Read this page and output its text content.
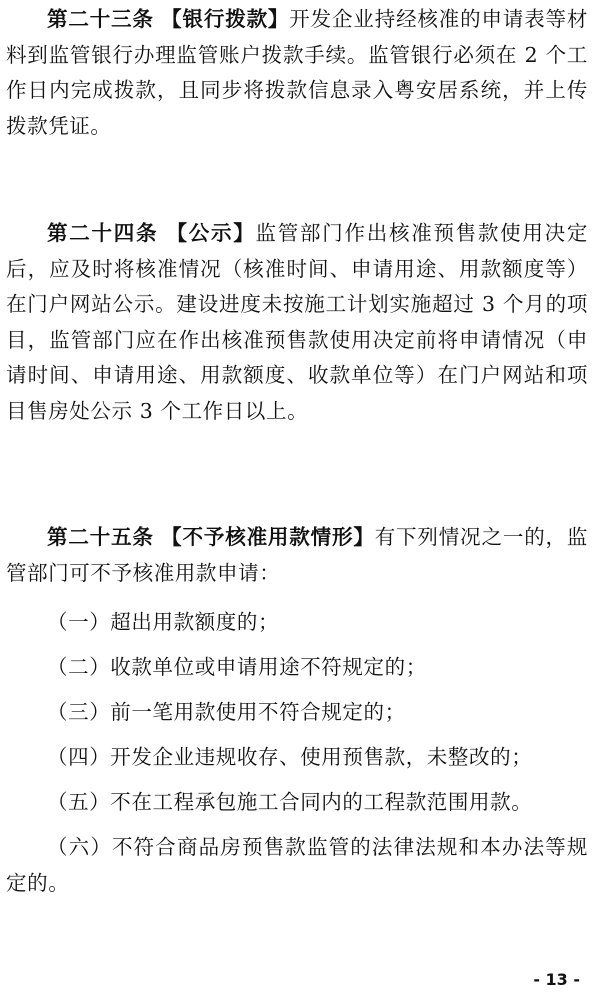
第二十三条 【银行拨款】开发企业持经核准的申请表等材料到监管银行办理监管账户拨款手续。监管银行必须在 2 个工作日内完成拨款，且同步将拨款信息录入粤安居系统，并上传拨款凭证。

第二十四条 【公示】监管部门作出核准预售款使用决定后，应及时将核准情况（核准时间、申请用途、用款额度等）在门户网站公示。建设进度未按施工计划实施超过 3 个月的项目，监管部门应在作出核准预售款使用决定前将申请情况（申请时间、申请用途、用款额度、收款单位等）在门户网站和项目售房处公示 3 个工作日以上。

第二十五条 【不予核准用款情形】有下列情况之一的，监管部门可不予核准用款申请：

（一）超出用款额度的；

（二）收款单位或申请用途不符规定的；

（三）前一笔用款使用不符合规定的；

（四）开发企业违规收存、使用预售款，未整改的；

（五）不在工程承包施工合同内的工程款范围用款。

（六）不符合商品房预售款监管的法律法规和本办法等规定的。

- 13 -
